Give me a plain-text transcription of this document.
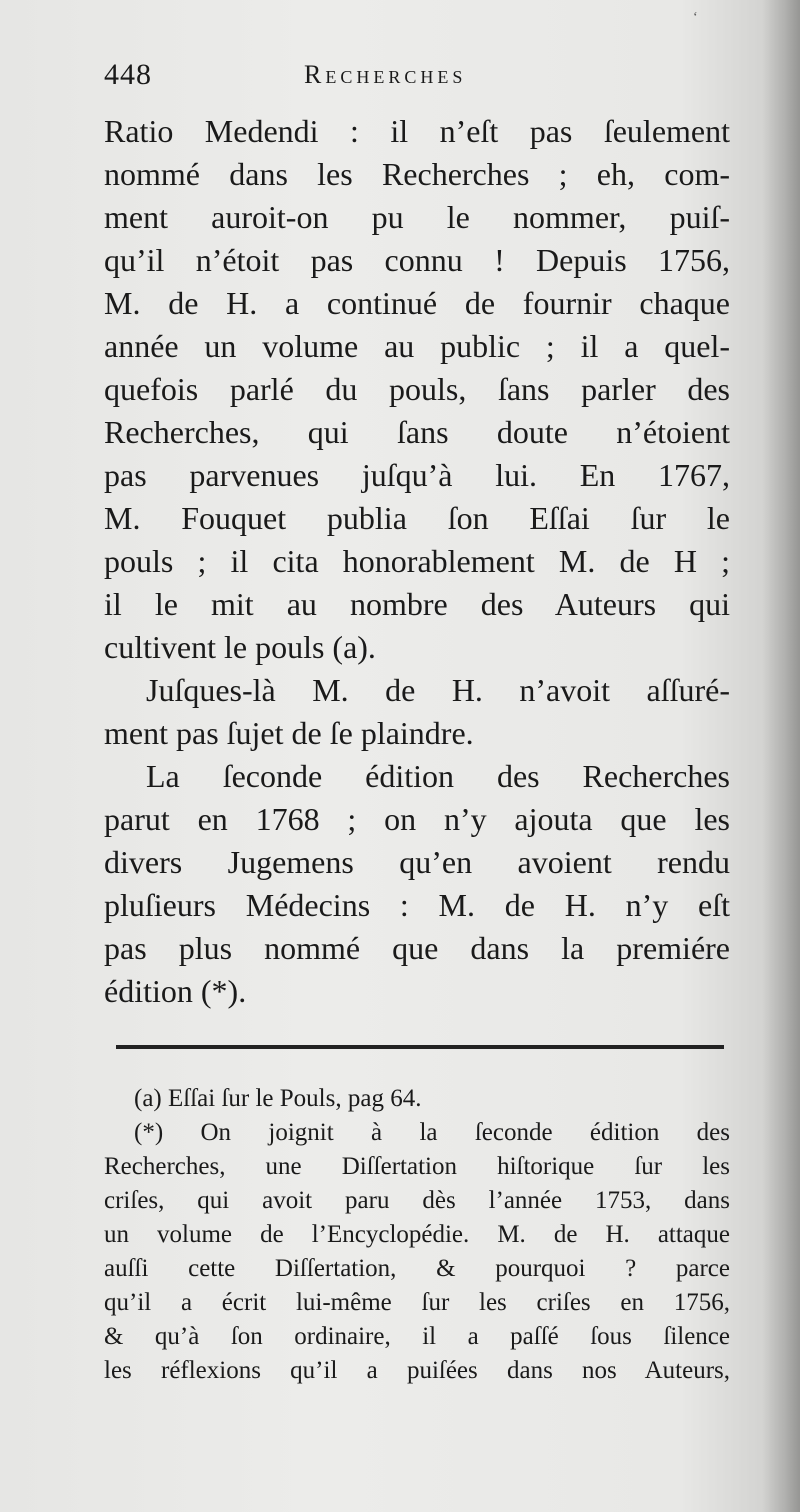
ʻ
448	Recherches
Ratio Medendi : il n’eſt pas ſeulement
nommé dans les Recherches ; eh, com-
ment auroit-on pu le nommer, puiſ-
qu’il n’étoit pas connu ! Depuis 1756,
M. de H. a continué de fournir chaque
année un volume au public ; il a quel-
quefois parlé du pouls, ſans parler des
Recherches, qui ſans doute n’étoient
pas parvenues juſqu’à lui. En 1767,
M. Fouquet publia ſon Eſſai ſur le
pouls ; il cita honorablement M. de H ;
il le mit au nombre des Auteurs qui
cultivent le pouls (a).
Juſques-là M. de H. n’avoit aſſuré-
ment pas ſujet de ſe plaindre.
La ſeconde édition des Recherches
parut en 1768 ; on n’y ajouta que les
divers Jugemens qu’en avoient rendu
pluſieurs Médecins : M. de H. n’y eſt
pas plus nommé que dans la premiére
édition (*).
(a) Eſſai ſur le Pouls, pag 64.
(*) On joignit à la ſeconde édition des
Recherches, une Diſſertation hiſtorique ſur les
criſes, qui avoit paru dès l’année 1753, dans
un volume de l’Encyclopédie. M. de H. attaque
auſſi cette Diſſertation, & pourquoi ? parce
qu’il a écrit lui-même ſur les criſes en 1756,
& qu’à ſon ordinaire, il a paſſé ſous ſilence
les réflexions qu’il a puiſées dans nos Auteurs,
